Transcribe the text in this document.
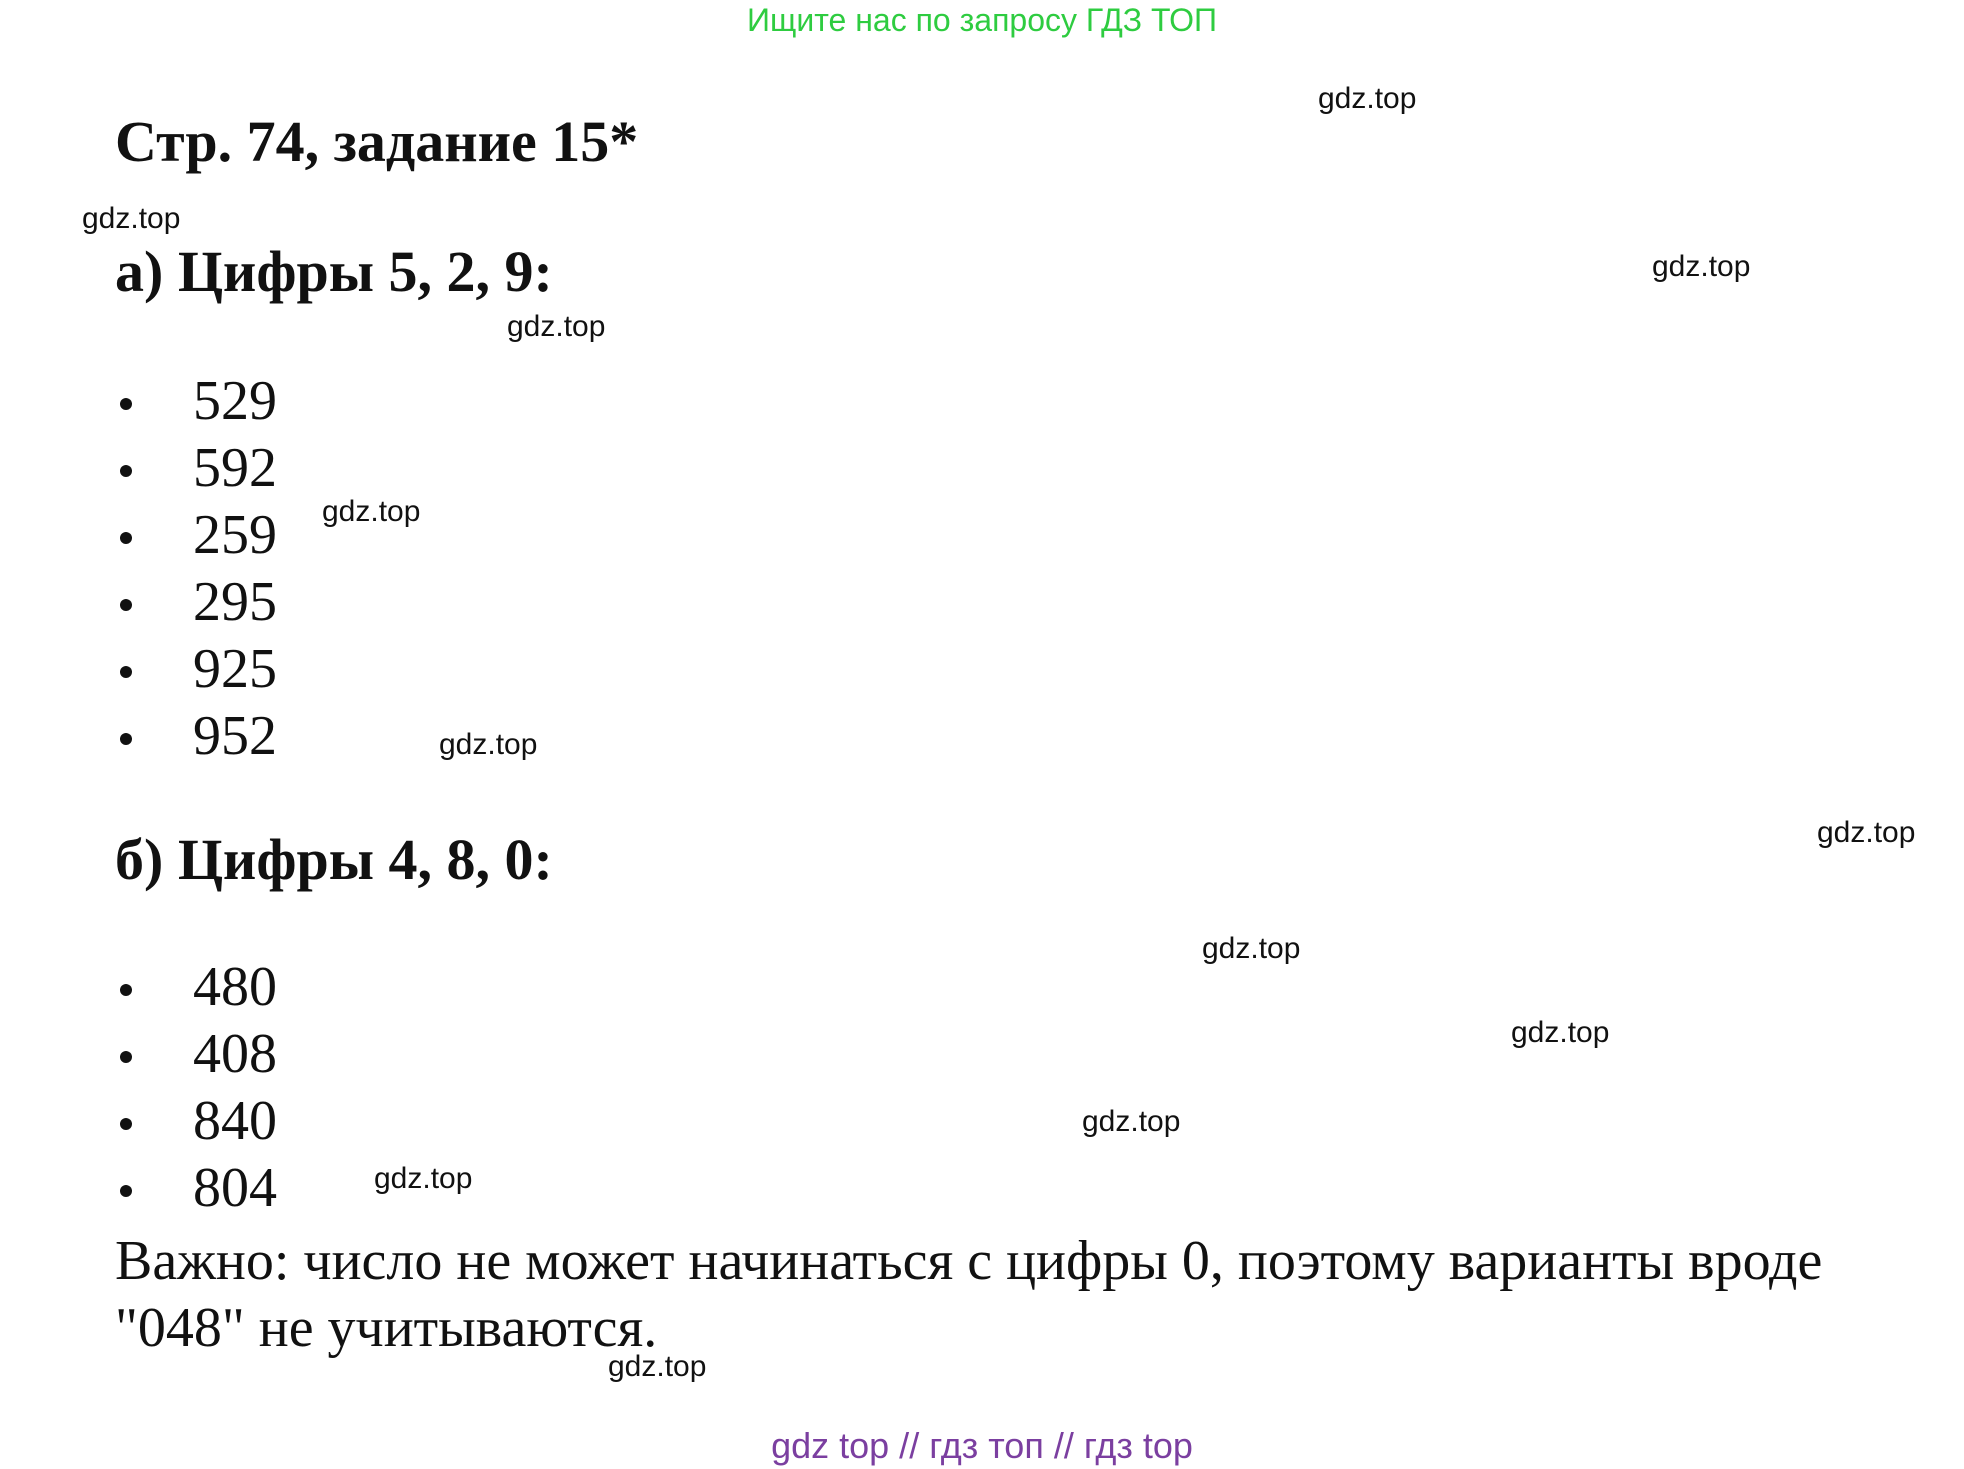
Ищите нас по запросу ГДЗ ТОП
Стр. 74, задание 15*
а) Цифры 5, 2, 9:
529
592
259
295
925
952
б) Цифры 4, 8, 0:
480
408
840
804
Важно: число не может начинаться с цифры 0, поэтому варианты вроде "048" не учитываются.
gdz.top
gdz.top
gdz.top
gdz.top
gdz.top
gdz.top
gdz.top
gdz.top
gdz.top
gdz.top
gdz.top
gdz.top
gdz top // гдз топ // гдз top
